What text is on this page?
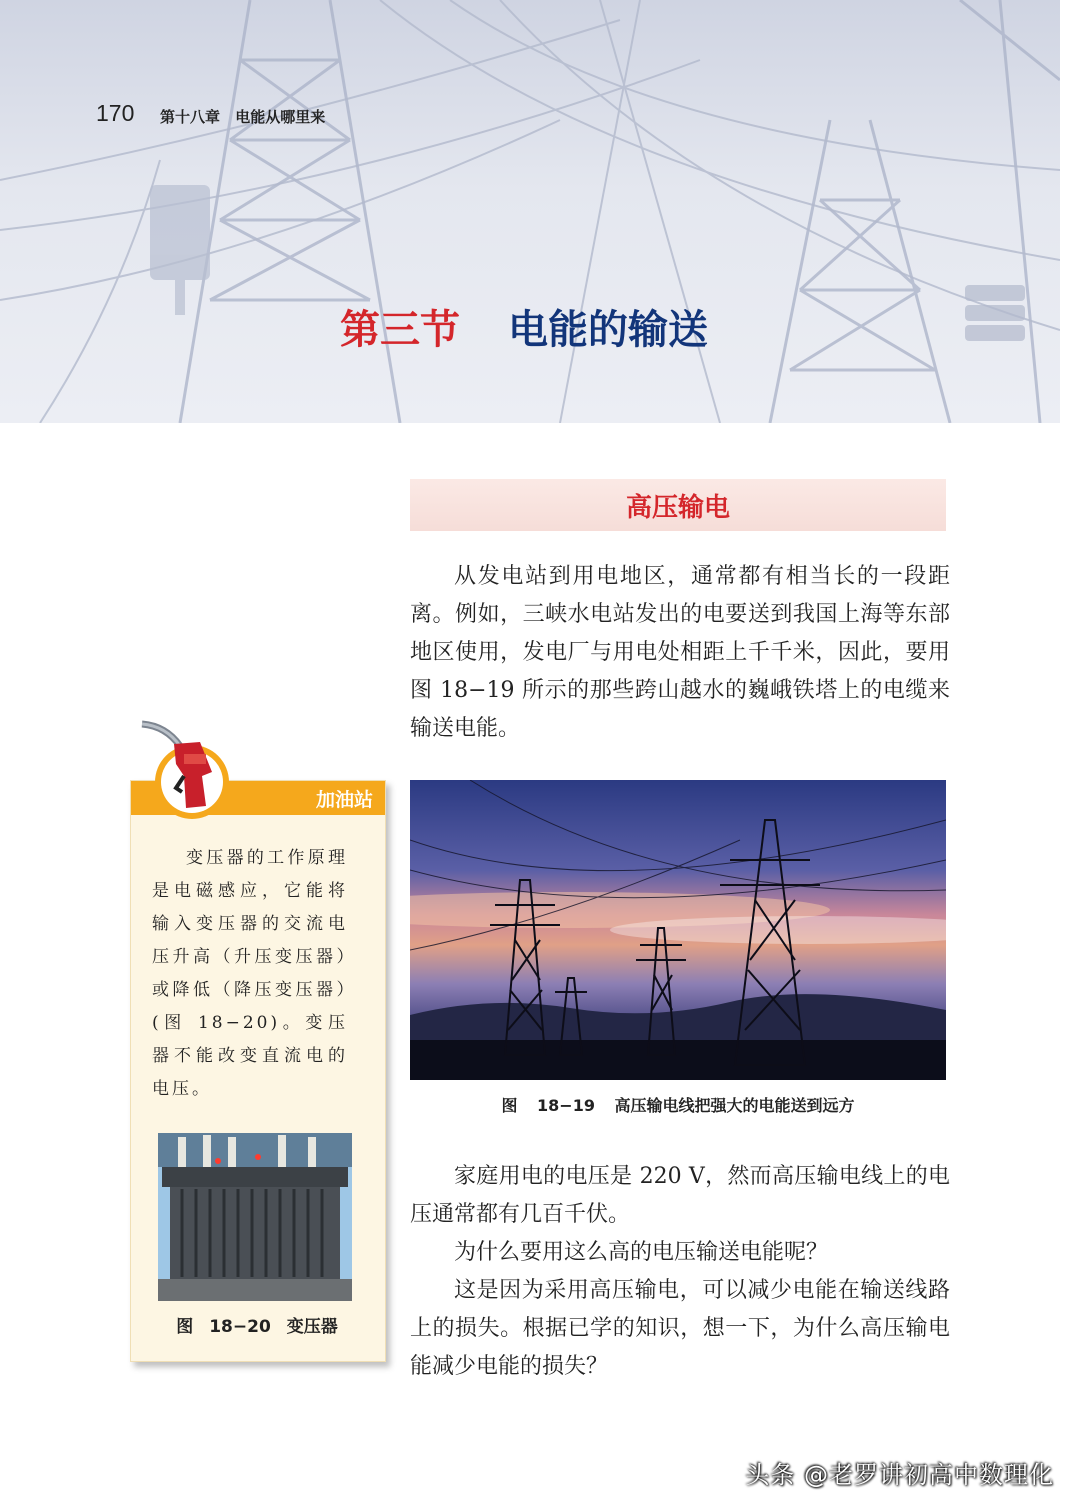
170 第十八章 电能从哪里来
第三节 电能的输送
高压输电

从发电站到用电地区，通常都有相当长的一段距离。例如，三峡水电站发出的电要送到我国上海等东部地区使用，发电厂与用电处相距上千千米，因此，要用图 18−19 所示的那些跨山越水的巍峨铁塔上的电缆来输送电能。

图 18−19 高压输电线把强大的电能送到远方

家庭用电的电压是 220 V，然而高压输电线上的电压通常都有几百千伏。

为什么要用这么高的电压输送电能呢？

这是因为采用高压输电，可以减少电能在输送线路上的损失。根据已学的知识，想一下，为什么高压输电能减少电能的损失？

加油站

变压器的工作原理是电磁感应，它能将输入变压器的交流电压升高（升压变压器）或降低（降压变压器）(图 18−20)。变压器不能改变直流电的电压。

图 18−20 变压器
头条 @老罗讲初高中数理化
